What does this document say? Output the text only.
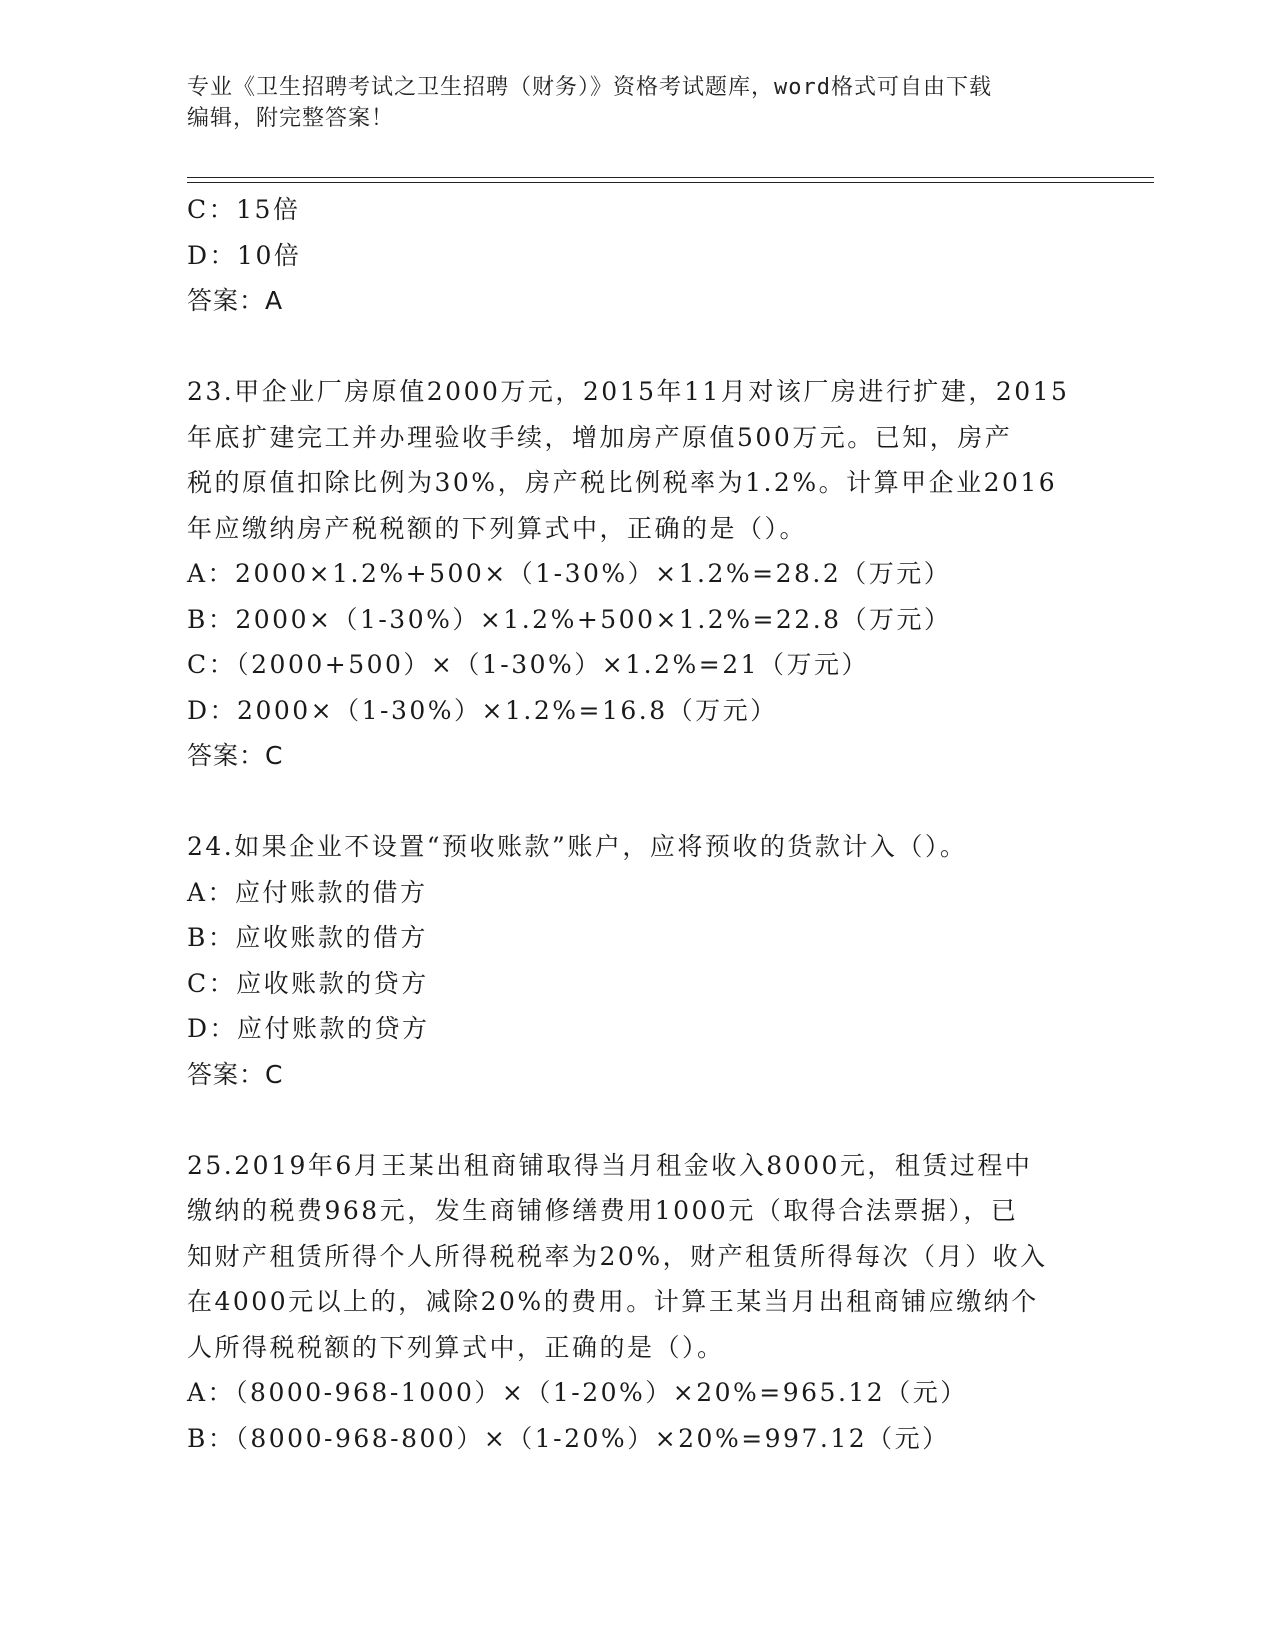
专业《卫生招聘考试之卫生招聘（财务）》资格考试题库，word格式可自由下载
编辑，附完整答案！
C：15倍
D：10倍
答案：A
23.甲企业厂房原值2000万元，2015年11月对该厂房进行扩建，2015
年底扩建完工并办理验收手续，增加房产原值500万元。已知，房产
税的原值扣除比例为30%，房产税比例税率为1.2%。计算甲企业2016
年应缴纳房产税税额的下列算式中，正确的是（）。
A：2000×1.2%+500×（1-30%）×1.2%=28.2（万元）
B：2000×（1-30%）×1.2%+500×1.2%=22.8（万元）
C：（2000+500）×（1-30%）×1.2%=21（万元）
D：2000×（1-30%）×1.2%=16.8（万元）
答案：C
24.如果企业不设置“预收账款”账户，应将预收的货款计入（）。
A：应付账款的借方
B：应收账款的借方
C：应收账款的贷方
D：应付账款的贷方
答案：C
25.2019年6月王某出租商铺取得当月租金收入8000元，租赁过程中
缴纳的税费968元，发生商铺修缮费用1000元（取得合法票据），已
知财产租赁所得个人所得税税率为20%，财产租赁所得每次（月）收入
在4000元以上的，减除20%的费用。计算王某当月出租商铺应缴纳个
人所得税税额的下列算式中，正确的是（）。
A：（8000-968-1000）×（1-20%）×20%=965.12（元）
B：（8000-968-800）×（1-20%）×20%=997.12（元）
